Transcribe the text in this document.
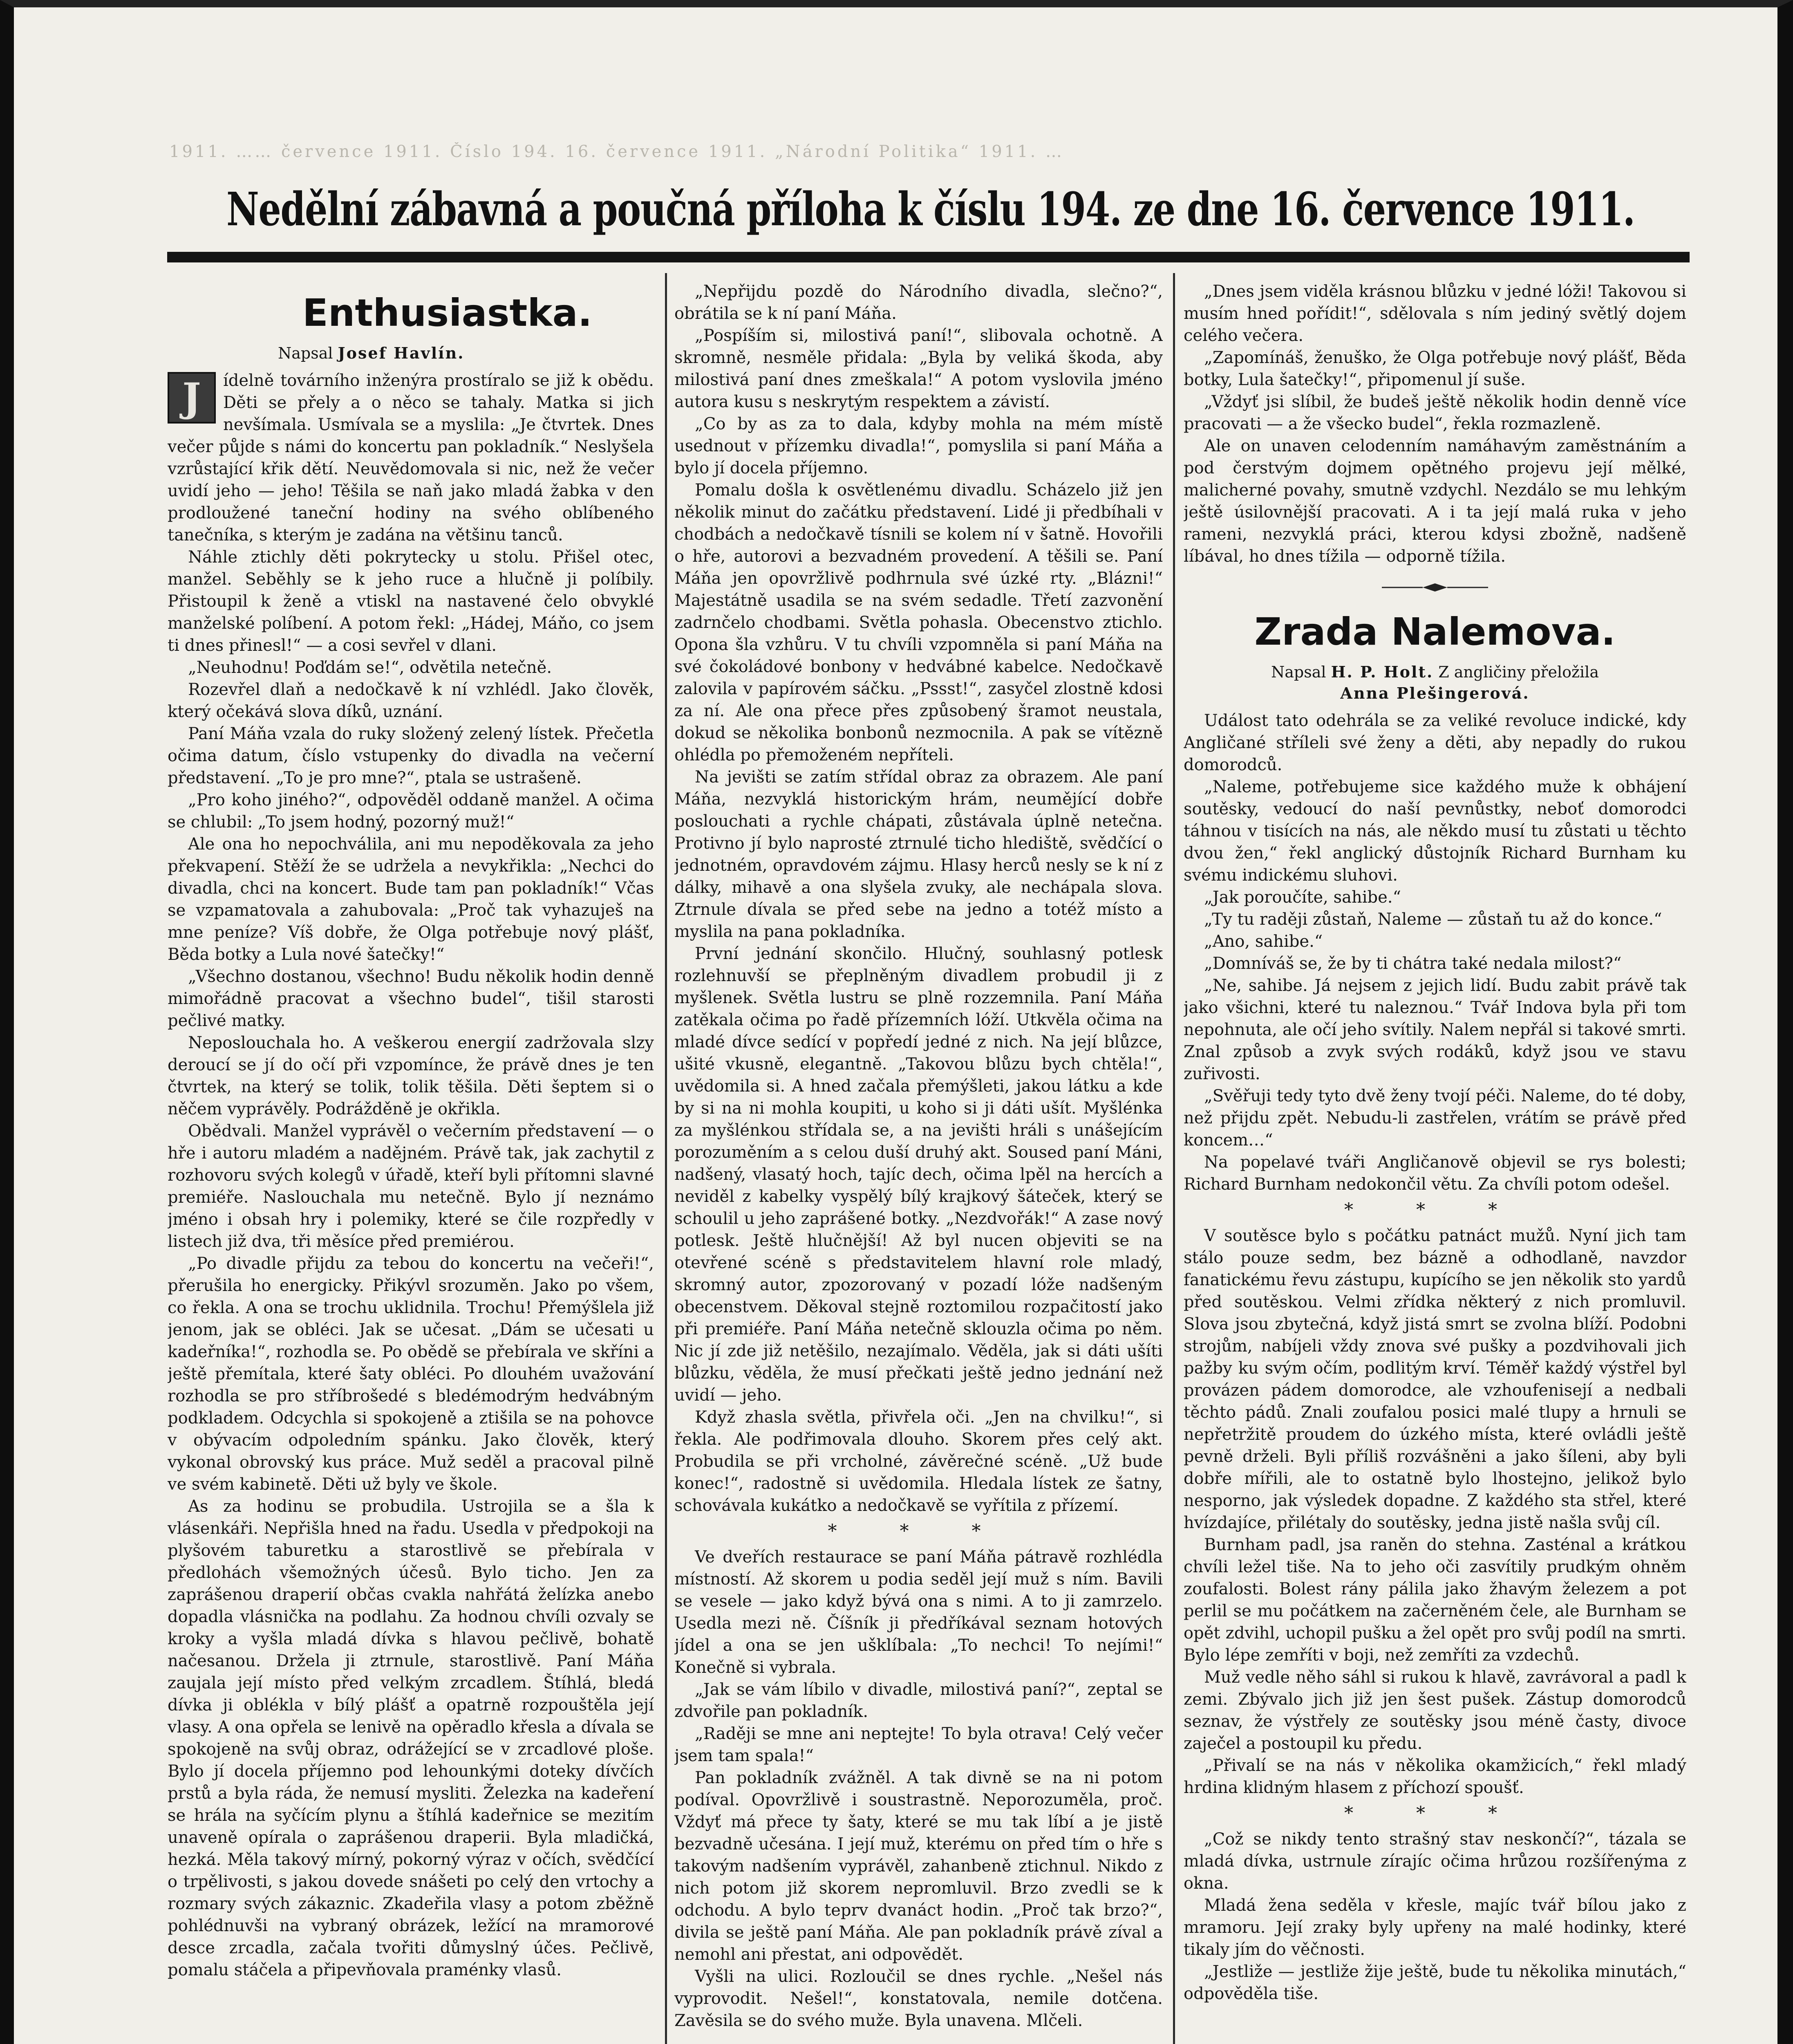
1911. …… července 1911. Číslo 194. 16. července 1911. „Národní Politika“ 1911. …
Nedělní zábavná a poučná příloha k číslu 194. ze dne 16. července 1911.
Enthusiastka.
Napsal Josef Havlín.
J	ídelně továrního inženýra prostíralo se již k obědu. Děti se přely a o něco se tahaly. Matka si jich nevšímala. Usmívala se a myslila: „Je čtvrtek. Dnes večer půjde s námi do koncertu pan pokladník.“ Neslyšela vzrůstající křik dětí. Neuvědomovala si nic, než že večer uvidí jeho — jeho! Těšila se naň jako mladá žabka v den prodloužené taneční hodiny na svého oblíbeného tanečníka, s kterým je zadána na většinu tanců.

Náhle ztichly děti pokrytecky u stolu. Přišel otec, manžel. Seběhly se k jeho ruce a hlučně ji políbily. Přistoupil k ženě a vtiskl na nastavené čelo obvyklé manželské políbení. A potom řekl: „Hádej, Máňo, co jsem ti dnes přinesl!“ — a cosi sevřel v dlani.

„Neuhodnu! Poďdám se!“, odvětila netečně.

Rozevřel dlaň a nedočkavě k ní vzhlédl. Jako člověk, který očekává slova díků, uznání.

Paní Máňa vzala do ruky složený zelený lístek. Přečetla očima datum, číslo vstupenky do divadla na večerní představení. „To je pro mne?“, ptala se ustrašeně.

„Pro koho jiného?“, odpověděl oddaně manžel. A očima se chlubil: „To jsem hodný, pozorný muž!“

Ale ona ho nepochválila, ani mu nepoděkovala za jeho překvapení. Stěží že se udržela a nevykřikla: „Nechci do divadla, chci na koncert. Bude tam pan pokladník!“ Včas se vzpamatovala a zahubovala: „Proč tak vyhazuješ na mne peníze? Víš dobře, že Olga potřebuje nový plášť, Běda botky a Lula nové šatečky!“

„Všechno dostanou, všechno! Budu několik hodin denně mimořádně pracovat a všechno budel“, tišil starosti pečlivé matky.

Neposlouchala ho. A veškerou energií zadržovala slzy deroucí se jí do očí při vzpomínce, že právě dnes je ten čtvrtek, na který se tolik, tolik těšila. Děti šeptem si o něčem vyprávěly. Podrážděně je okřikla.

Obědvali. Manžel vyprávěl o večerním představení — o hře i autoru mladém a nadějném. Právě tak, jak zachytil z rozhovoru svých kolegů v úřadě, kteří byli přítomni slavné premiéře. Naslouchala mu netečně. Bylo jí neznámo jméno i obsah hry i polemiky, které se čile rozpředly v listech již dva, tři měsíce před premiérou.

„Po divadle přijdu za tebou do koncertu na večeři!“, přerušila ho energicky. Přikývl srozuměn. Jako po všem, co řekla. A ona se trochu uklidnila. Trochu! Přemýšlela již jenom, jak se obléci. Jak se učesat. „Dám se učesati u kadeřníka!“, rozhodla se. Po obědě se přebírala ve skříni a ještě přemítala, které šaty obléci. Po dlouhém uvažování rozhodla se pro stříbrošedé s bledémodrým hedvábným podkladem. Odcychla si spokojeně a ztišila se na pohovce v obývacím odpoledním spánku. Jako člověk, který vykonal obrovský kus práce. Muž seděl a pracoval pilně ve svém kabinetě. Děti už byly ve škole.

As za hodinu se probudila. Ustrojila se a šla k vlásenkáři. Nepřišla hned na řadu. Usedla v předpokoji na plyšovém taburetku a starostlivě se přebírala v předlohách všemožných účesů. Bylo ticho. Jen za zaprášenou draperií občas cvakla nahřátá želízka anebo dopadla vlásnička na podlahu. Za hodnou chvíli ozvaly se kroky a vyšla mladá dívka s hlavou pečlivě, bohatě načesanou. Držela ji ztrnule, starostlivě. Paní Máňa zaujala její místo před velkým zrcadlem. Štíhlá, bledá dívka ji oblékla v bílý plášť a opatrně rozpouštěla její vlasy. A ona opřela se lenivě na opěradlo křesla a dívala se spokojeně na svůj obraz, odrážející se v zrcadlové ploše. Bylo jí docela příjemno pod lehounkými doteky dívčích prstů a byla ráda, že nemusí mysliti. Železka na kadeření se hrála na syčícím plynu a štíhlá kadeřnice se mezitím unaveně opírala o zaprášenou draperii. Byla mladičká, hezká. Měla takový mírný, pokorný výraz v očích, svědčící o trpělivosti, s jakou dovede snášeti po celý den vrtochy a rozmary svých zákaznic. Zkadeřila vlasy a potom zběžně pohlédnuvši na vybraný obrázek, ležící na mramorové desce zrcadla, začala tvořiti důmyslný účes. Pečlivě, pomalu stáčela a připevňovala praménky vlasů.

„Nepřijdu pozdě do Národního divadla, slečno?“, obrátila se k ní paní Máňa.

„Pospíším si, milostivá paní!“, slibovala ochotně. A skromně, nesměle přidala: „Byla by veliká škoda, aby milostivá paní dnes zmeškala!“ A potom vyslovila jméno autora kusu s neskrytým respektem a závistí.

„Co by as za to dala, kdyby mohla na mém místě usednout v přízemku divadla!“, pomyslila si paní Máňa a bylo jí docela příjemno.

Pomalu došla k osvětlenému divadlu. Scházelo již jen několik minut do začátku představení. Lidé ji předbíhali v chodbách a nedočkavě tísnili se kolem ní v šatně. Hovořili o hře, autorovi a bezvadném provedení. A těšili se. Paní Máňa jen opovržlivě podhrnula své úzké rty. „Blázni!“ Majestátně usadila se na svém sedadle. Třetí zazvonění zadrnčelo chodbami. Světla pohasla. Obecenstvo ztichlo. Opona šla vzhůru. V tu chvíli vzpomněla si paní Máňa na své čokoládové bonbony v hedvábné kabelce. Nedočkavě zalovila v papírovém sáčku. „Pssst!“, zasyčel zlostně kdosi za ní. Ale ona přece přes způsobený šramot neustala, dokud se několika bonbonů nezmocnila. A pak se vítězně ohlédla po přemoženém nepříteli.

Na jevišti se zatím střídal obraz za obrazem. Ale paní Máňa, nezvyklá historickým hrám, neumějící dobře poslouchati a rychle chápati, zůstávala úplně netečna. Protivno jí bylo naprosté ztrnulé ticho hlediště, svědčící o jednotném, opravdovém zájmu. Hlasy herců nesly se k ní z dálky, mihavě a ona slyšela zvuky, ale nechápala slova. Ztrnule dívala se před sebe na jedno a totéž místo a myslila na pana pokladníka.

První jednání skončilo. Hlučný, souhlasný potlesk rozlehnuvší se přeplněným divadlem probudil ji z myšlenek. Světla lustru se plně rozzemnila. Paní Máňa zatěkala očima po řadě přízemních lóží. Utkvěla očima na mladé dívce sedící v popředí jedné z nich. Na její blůzce, ušité vkusně, elegantně. „Takovou blůzu bych chtěla!“, uvědomila si. A hned začala přemýšleti, jakou látku a kde by si na ni mohla koupiti, u koho si ji dáti ušít. Myšlénka za myšlénkou střídala se, a na jevišti hráli s unášejícím porozuměním a s celou duší druhý akt. Soused paní Máni, nadšený, vlasatý hoch, tajíc dech, očima lpěl na hercích a neviděl z kabelky vyspělý bílý krajkový šáteček, který se schoulil u jeho zaprášené botky. „Nezdvořák!“ A zase nový potlesk. Ještě hlučnější! Až byl nucen objeviti se na otevřené scéně s představitelem hlavní role mladý, skromný autor, zpozorovaný v pozadí lóže nadšeným obecenstvem. Děkoval stejně roztomilou rozpačitostí jako při premiéře. Paní Máňa netečně sklouzla očima po něm. Nic jí zde již netěšilo, nezajímalo. Věděla, jak si dáti ušíti blůzku, věděla, že musí přečkati ještě jedno jednání než uvidí — jeho.

Když zhasla světla, přivřela oči. „Jen na chvilku!“, si řekla. Ale podřimovala dlouho. Skorem přes celý akt. Probudila se při vrcholné, závěrečné scéně. „Už bude konec!“, radostně si uvědomila. Hledala lístek ze šatny, schovávala kukátko a nedočkavě se vyřítila z přízemí.

* * *

Ve dveřích restaurace se paní Máňa pátravě rozhlédla místností. Až skorem u podia seděl její muž s ním. Bavili se vesele — jako když bývá ona s nimi. A to ji zamrzelo. Usedla mezi ně. Číšník ji předříkával seznam hotových jídel a ona se jen ušklíbala: „To nechci! To nejími!“ Konečně si vybrala.

„Jak se vám líbilo v divadle, milostivá paní?“, zeptal se zdvořile pan pokladník.

„Raději se mne ani neptejte! To byla otrava! Celý večer jsem tam spala!“

Pan pokladník zvážněl. A tak divně se na ni potom podíval. Opovržlivě i soustrastně. Neporozuměla, proč. Vždyť má přece ty šaty, které se mu tak líbí a je jistě bezvadně učesána. I její muž, kterému on před tím o hře s takovým nadšením vyprávěl, zahanbeně ztichnul. Nikdo z nich potom již skorem nepromluvil. Brzo zvedli se k odchodu. A bylo teprv dvanáct hodin. „Proč tak brzo?“, divila se ještě paní Máňa. Ale pan pokladník právě zíval a nemohl ani přestat, ani odpovědět.

Vyšli na ulici. Rozloučil se dnes rychle. „Nešel nás vyprovodit. Nešel!“, konstatovala, nemile dotčena. Zavěsila se do svého muže. Byla unavena. Mlčeli.

„Dnes jsem viděla krásnou blůzku v jedné lóži! Takovou si musím hned pořídit!“, sdělovala s ním jediný světlý dojem celého večera.

„Zapomínáš, ženuško, že Olga potřebuje nový plášť, Běda botky, Lula šatečky!“, připomenul jí suše.

„Vždyť jsi slíbil, že budeš ještě několik hodin denně více pracovati — a že všecko budel“, řekla rozmazleně.

Ale on unaven celodenním namáhavým zaměstnáním a pod čerstvým dojmem opětného projevu její mělké, malicherné povahy, smutně vzdychl. Nezdálo se mu lehkým ještě úsilovnější pracovati. A i ta její malá ruka v jeho rameni, nezvyklá práci, kterou kdysi zbožně, nadšeně líbával, ho dnes tížila — odporně tížila.

Zrada Nalemova.
Napsal H. P. Holt. Z angličiny přeložila
Anna Plešingerová.

Událost tato odehrála se za veliké revoluce indické, kdy Angličané stříleli své ženy a děti, aby nepadly do rukou domorodců.

„Naleme, potřebujeme sice každého muže k obhájení soutěsky, vedoucí do naší pevnůstky, neboť domorodci táhnou v tisících na nás, ale někdo musí tu zůstati u těchto dvou žen,“ řekl anglický důstojník Richard Burnham ku svému indickému sluhovi.

„Jak poroučíte, sahibe.“

„Ty tu raději zůstaň, Naleme — zůstaň tu až do konce.“

„Ano, sahibe.“

„Domníváš se, že by ti chátra také nedala milost?“

„Ne, sahibe. Já nejsem z jejich lidí. Budu zabit právě tak jako všichni, které tu naleznou.“ Tvář Indova byla při tom nepohnuta, ale očí jeho svítily. Nalem nepřál si takové smrti. Znal způsob a zvyk svých rodáků, když jsou ve stavu zuřivosti.

„Svěřuji tedy tyto dvě ženy tvojí péči. Naleme, do té doby, než přijdu zpět. Nebudu-li zastřelen, vrátím se právě před koncem…“

Na popelavé tváři Angličanově objevil se rys bolesti; Richard Burnham nedokončil větu. Za chvíli potom odešel.

* * *

V soutěsce bylo s počátku patnáct mužů. Nyní jich tam stálo pouze sedm, bez bázně a odhodlaně, navzdor fanatickému řevu zástupu, kupícího se jen několik sto yardů před soutěskou. Velmi zřídka některý z nich promluvil. Slova jsou zbytečná, když jistá smrt se zvolna blíží. Podobni strojům, nabíjeli vždy znova své pušky a pozdvihovali jich pažby ku svým očím, podlitým krví. Téměř každý výstřel byl provázen pádem domorodce, ale vzhoufenisejí a nedbali těchto pádů. Znali zoufalou posici malé tlupy a hrnuli se nepřetržitě proudem do úzkého místa, které ovládli ještě pevně drželi. Byli příliš rozvášněni a jako šíleni, aby byli dobře mířili, ale to ostatně bylo lhostejno, jelikož bylo nesporno, jak výsledek dopadne. Z každého sta střel, které hvízdajíce, přilétaly do soutěsky, jedna jistě našla svůj cíl.

Burnham padl, jsa raněn do stehna. Zasténal a krátkou chvíli ležel tiše. Na to jeho oči zasvítily prudkým ohněm zoufalosti. Bolest rány pálila jako žhavým železem a pot perlil se mu počátkem na začerněném čele, ale Burnham se opět zdvihl, uchopil pušku a žel opět pro svůj podíl na smrti. Bylo lépe zemříti v boji, než zemříti za vzdechů.

Muž vedle něho sáhl si rukou k hlavě, zavrávoral a padl k zemi. Zbývalo jich již jen šest pušek. Zástup domorodců seznav, že výstřely ze soutěsky jsou méně časty, divoce zaječel a postoupil ku předu.

„Přivalí se na nás v několika okamžicích,“ řekl mladý hrdina klidným hlasem z příchozí spoušť.

* * *

„Což se nikdy tento strašný stav neskončí?“, tázala se mladá dívka, ustrnule zírajíc očima hrůzou rozšířenýma z okna.

Mladá žena seděla v křesle, majíc tvář bílou jako z mramoru. Její zraky byly upřeny na malé hodinky, které tikaly jím do věčnosti.

„Jestliže — jestliže žije ještě, bude tu několika minutách,“ odpověděla tiše.
